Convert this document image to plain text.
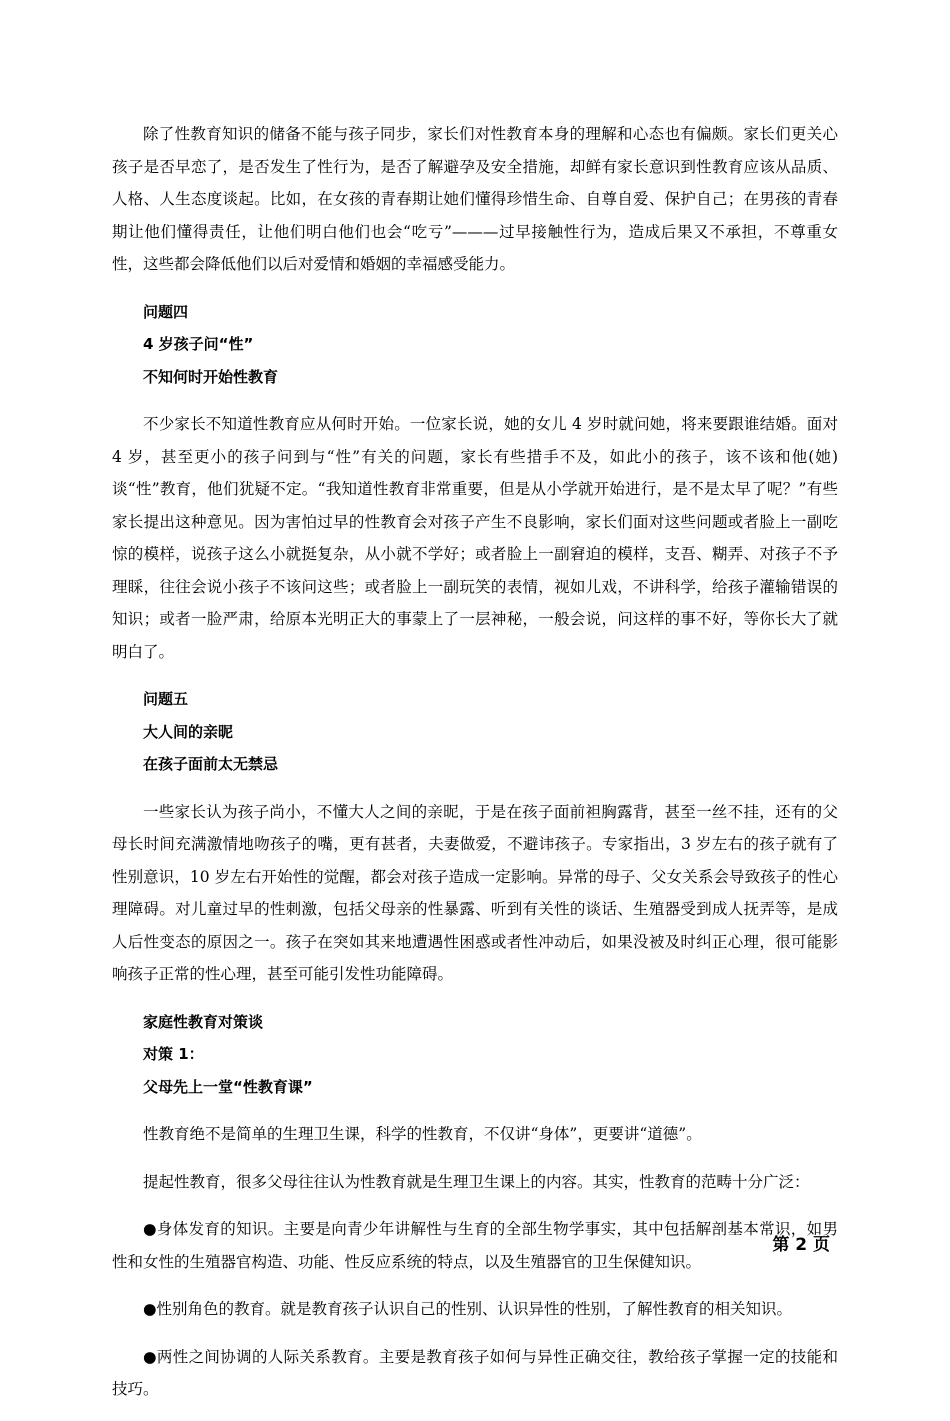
除了性教育知识的储备不能与孩子同步，家长们对性教育本身的理解和心态也有偏颇。家长们更关心孩子是否早恋了，是否发生了性行为，是否了解避孕及安全措施，却鲜有家长意识到性教育应该从品质、人格、人生态度谈起。比如，在女孩的青春期让她们懂得珍惜生命、自尊自爱、保护自己；在男孩的青春期让他们懂得责任，让他们明白他们也会“吃亏”———过早接触性行为，造成后果又不承担，不尊重女性，这些都会降低他们以后对爱情和婚姻的幸福感受能力。

问题四
4 岁孩子问“性”
不知何时开始性教育

不少家长不知道性教育应从何时开始。一位家长说，她的女儿 4 岁时就问她，将来要跟谁结婚。面对 4 岁，甚至更小的孩子问到与“性”有关的问题，家长有些措手不及，如此小的孩子，该不该和他(她)谈“性”教育，他们犹疑不定。“我知道性教育非常重要，但是从小学就开始进行，是不是太早了呢？”有些家长提出这种意见。因为害怕过早的性教育会对孩子产生不良影响，家长们面对这些问题或者脸上一副吃惊的模样，说孩子这么小就挺复杂，从小就不学好；或者脸上一副窘迫的模样，支吾、糊弄、对孩子不予理睬，往往会说小孩子不该问这些；或者脸上一副玩笑的表情，视如儿戏，不讲科学，给孩子灌输错误的知识；或者一脸严肃，给原本光明正大的事蒙上了一层神秘，一般会说，问这样的事不好，等你长大了就明白了。

问题五
大人间的亲昵
在孩子面前太无禁忌

一些家长认为孩子尚小，不懂大人之间的亲昵，于是在孩子面前袒胸露背，甚至一丝不挂，还有的父母长时间充满激情地吻孩子的嘴，更有甚者，夫妻做爱，不避讳孩子。专家指出，3 岁左右的孩子就有了性别意识，10 岁左右开始性的觉醒，都会对孩子造成一定影响。异常的母子、父女关系会导致孩子的性心理障碍。对儿童过早的性刺激，包括父母亲的性暴露、听到有关性的谈话、生殖器受到成人抚弄等，是成人后性变态的原因之一。孩子在突如其来地遭遇性困惑或者性冲动后，如果没被及时纠正心理，很可能影响孩子正常的性心理，甚至可能引发性功能障碍。

家庭性教育对策谈
对策 1：
父母先上一堂“性教育课”

性教育绝不是简单的生理卫生课，科学的性教育，不仅讲“身体”，更要讲“道德”。

提起性教育，很多父母往往认为性教育就是生理卫生课上的内容。其实，性教育的范畴十分广泛：

●身体发育的知识。主要是向青少年讲解性与生育的全部生物学事实，其中包括解剖基本常识，如男性和女性的生殖器官构造、功能、性反应系统的特点，以及生殖器官的卫生保健知识。

●性别角色的教育。就是教育孩子认识自己的性别、认识异性的性别，了解性教育的相关知识。

●两性之间协调的人际关系教育。主要是教育孩子如何与异性正确交往，教给孩子掌握一定的技能和技巧。

第 2 页
